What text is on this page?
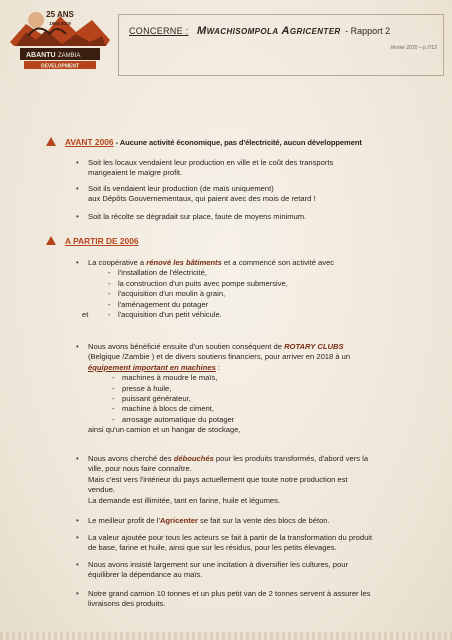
25 ANS
1994-2019
ABANTU ZAMBIA
DEVELOPMENT
CONCERNE : Mwachisompola Agricenter - Rapport 2
février 2020 – p.7/12
AVANT 2006 - Aucune activité économique, pas d'électricité, aucun développement
• Soit les locaux vendaient leur production en ville et le coût des transports
mangeaient le maigre profit.
• Soit ils vendaient leur production (de maïs uniquement)
aux Dépôts Gouvernementaux, qui paient avec des mois de retard !
• Soit la récolte se dégradait sur place, faute de moyens minimum.
A PARTIR DE 2006
• La coopérative a rénové les bâtiments et a commencé son activité avec
- l'installation de l'électricité,
- la construction d'un puits avec pompe submersive,
- l'acquisition d'un moulin à grain,
- l'aménagement du potager
et	- l'acquisition d'un petit véhicule.
• Nous avons bénéficié ensuite d'un soutien conséquent de ROTARY CLUBS
(Belgique /Zambie ) et de divers soutiens financiers, pour arriver en 2018 à un
équipement important en machines :
- machines à moudre le maïs,
- presse à huile,
- puissant générateur,
- machine à blocs de ciment,
- arrosage automatique du potager
ainsi qu'un camion et un hangar de stockage,
• Nous avons cherché des débouchés pour les produits transformés, d'abord vers la
ville, pour nous faire connaître.
Mais c'est vers l'intérieur du pays actuellement que toute notre production est
vendue.
La demande est illimitée, tant en farine, huile et légumes.
• Le meilleur profit de l'Agricenter se fait sur la vente des blocs de béton.
• La valeur ajoutée pour tous les acteurs se fait à partir de la transformation du produit
de base, farine et huile, ainsi que sur les résidus, pour les petits élevages.
• Nous avons insisté largement sur une incitation à diversifier les cultures, pour
équilibrer la dépendance au maïs.
• Notre grand camion 10 tonnes et un plus petit van de 2 tonnes servent à assurer les
livraisons des produits.
